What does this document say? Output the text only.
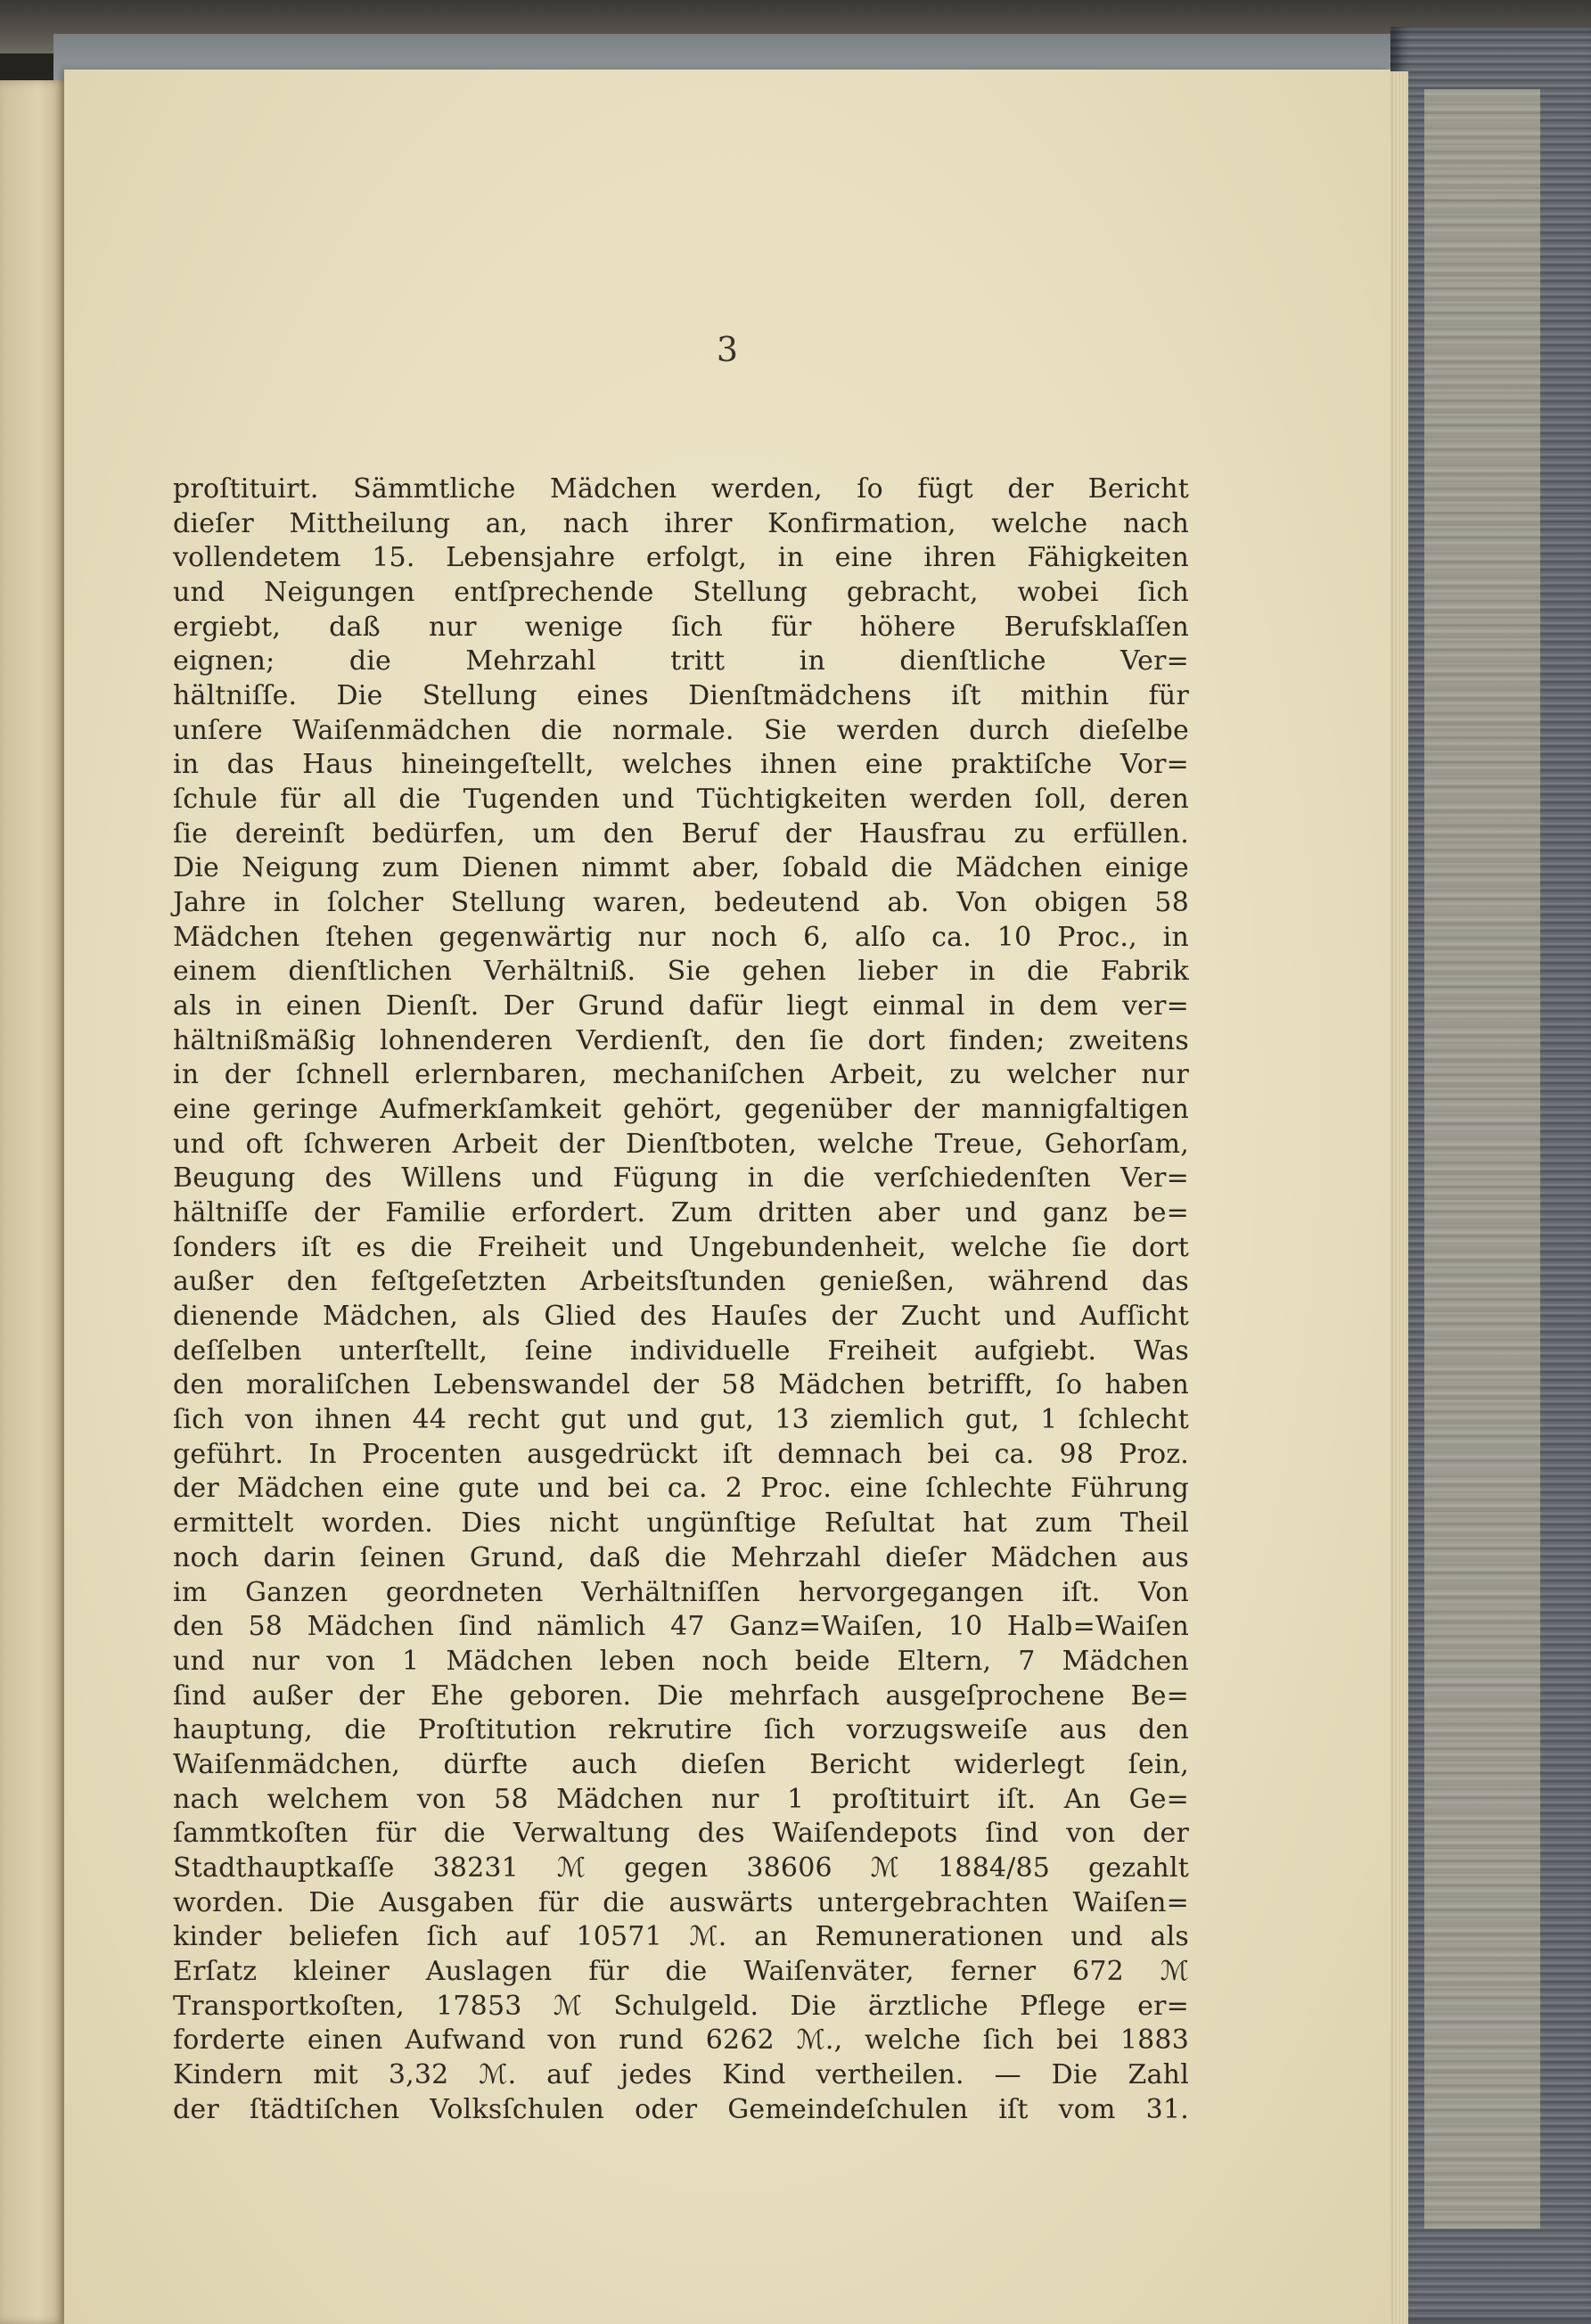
3
proſtituirt. Sämmtliche Mädchen werden, ſo fügt der Bericht
dieſer Mittheilung an, nach ihrer Konfirmation, welche nach
vollendetem 15. Lebensjahre erfolgt, in eine ihren Fähigkeiten
und Neigungen entſprechende Stellung gebracht, wobei ſich
ergiebt, daß nur wenige ſich für höhere Berufsklaſſen
eignen; die Mehrzahl tritt in dienſtliche Ver=
hältniſſe. Die Stellung eines Dienſtmädchens iſt mithin für
unſere Waiſenmädchen die normale. Sie werden durch dieſelbe
in das Haus hineingeſtellt, welches ihnen eine praktiſche Vor=
ſchule für all die Tugenden und Tüchtigkeiten werden ſoll, deren
ſie dereinſt bedürfen, um den Beruf der Hausfrau zu erfüllen.
Die Neigung zum Dienen nimmt aber, ſobald die Mädchen einige
Jahre in ſolcher Stellung waren, bedeutend ab. Von obigen 58
Mädchen ſtehen gegenwärtig nur noch 6, alſo ca. 10 Proc., in
einem dienſtlichen Verhältniß. Sie gehen lieber in die Fabrik
als in einen Dienſt. Der Grund dafür liegt einmal in dem ver=
hältnißmäßig lohnenderen Verdienſt, den ſie dort finden; zweitens
in der ſchnell erlernbaren, mechaniſchen Arbeit, zu welcher nur
eine geringe Aufmerkſamkeit gehört, gegenüber der mannigfaltigen
und oft ſchweren Arbeit der Dienſtboten, welche Treue, Gehorſam,
Beugung des Willens und Fügung in die verſchiedenſten Ver=
hältniſſe der Familie erfordert. Zum dritten aber und ganz be=
ſonders iſt es die Freiheit und Ungebundenheit, welche ſie dort
außer den feſtgeſetzten Arbeitsſtunden genießen, während das
dienende Mädchen, als Glied des Hauſes der Zucht und Aufſicht
deſſelben unterſtellt, ſeine individuelle Freiheit aufgiebt. Was
den moraliſchen Lebenswandel der 58 Mädchen betrifft, ſo haben
ſich von ihnen 44 recht gut und gut, 13 ziemlich gut, 1 ſchlecht
geführt. In Procenten ausgedrückt iſt demnach bei ca. 98 Proz.
der Mädchen eine gute und bei ca. 2 Proc. eine ſchlechte Führung
ermittelt worden. Dies nicht ungünſtige Reſultat hat zum Theil
noch darin ſeinen Grund, daß die Mehrzahl dieſer Mädchen aus
im Ganzen geordneten Verhältniſſen hervorgegangen iſt. Von
den 58 Mädchen ſind nämlich 47 Ganz=Waiſen, 10 Halb=Waiſen
und nur von 1 Mädchen leben noch beide Eltern, 7 Mädchen
ſind außer der Ehe geboren. Die mehrfach ausgeſprochene Be=
hauptung, die Proſtitution rekrutire ſich vorzugsweiſe aus den
Waiſenmädchen, dürfte auch dieſen Bericht widerlegt ſein,
nach welchem von 58 Mädchen nur 1 proſtituirt iſt. An Ge=
ſammtkoſten für die Verwaltung des Waiſendepots ſind von der
Stadthauptkaſſe 38231 ℳ gegen 38606 ℳ 1884/85 gezahlt
worden. Die Ausgaben für die auswärts untergebrachten Waiſen=
kinder beliefen ſich auf 10571 ℳ. an Remunerationen und als
Erſatz kleiner Auslagen für die Waiſenväter, ferner 672 ℳ
Transportkoſten, 17853 ℳ Schulgeld. Die ärztliche Pflege er=
forderte einen Aufwand von rund 6262 ℳ., welche ſich bei 1883
Kindern mit 3,32 ℳ. auf jedes Kind vertheilen. — Die Zahl
der ſtädtiſchen Volksſchulen oder Gemeindeſchulen iſt vom 31.
